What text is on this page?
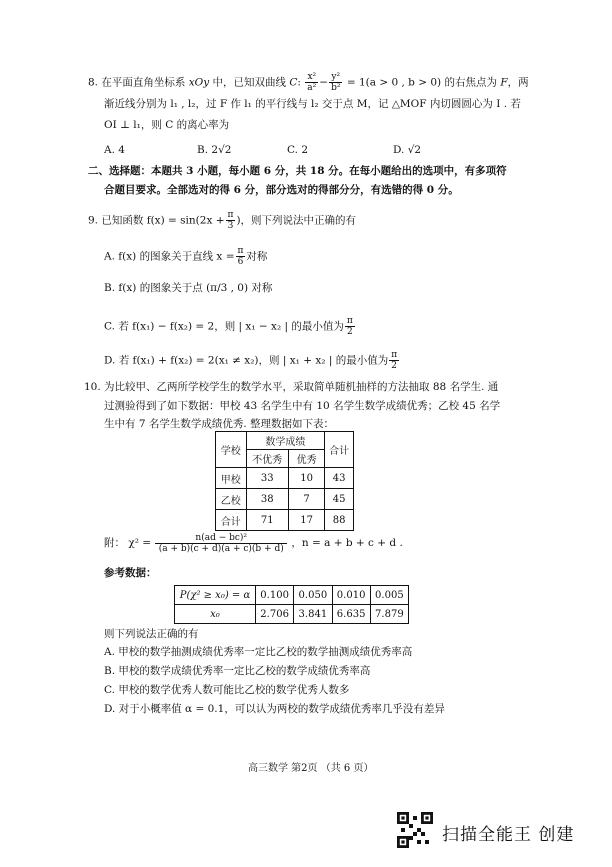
8. 在平面直角坐标系 xOy 中，已知双曲线 C: $\frac{\text{x²}}{\text{a²}} - \frac{\text{y²}}{\text{b²}} = 1(a > 0$ , b > 0) 的右焦点为 F，两
渐近线分别为 l₁ , l₂，过 F 作 l₁ 的平行线与 l₂ 交于点 M，记 △MOF 内切圆圆心为 I . 若
OI ⊥ l₁，则 C 的离心率为
A. 4	B. 2√2	C. 2	D. √2
二、选择题：本题共 3 小题，每小题 6 分，共 18 分。在每小题给出的选项中，有多项符
合题目要求。全部选对的得 6 分，部分选对的得部分分，有选错的得 0 分。
9. 已知函数 $f(x) = \sin(2x + \frac{\pi}{3}$ )，则下列说法中正确的有
A. f(x) 的图象关于直线 $x = \frac{\pi}{6}$ 对称
B. f(x) 的图象关于点 (π/3 , 0) 对称
C. 若 f(x₁) − f(x₂) = 2，则 | x₁ − x₂ | 的最小值为 $\frac{\pi}{2}$
D. 若 f(x₁) + f(x₂) = 2(x₁ ≠ x₂)，则 | x₁ + x₂ | 的最小值为 $\frac{\pi}{2}$
10. 为比较甲、乙两所学校学生的数学水平，采取简单随机抽样的方法抽取 88 名学生. 通
过测验得到了如下数据：甲校 43 名学生中有 10 名学生数学成绩优秀；乙校 45 名学
生中有 7 名学生数学成绩优秀. 整理数据如下表：
学校	数学成绩		合计
	不优秀	优秀	
甲校	33	10	43
乙校	38	7	45
合计	71	17	88
附： $\chi^2 = \frac{\text{n(ad − bc)²}}{(a + b)(c + d)(a + c)(b + d)}$ ，n = a + b + c + d .
参考数据：
P(χ² ≥ x₀) = α	0.100	0.050	0.010	0.005
x₀	2.706	3.841	6.635	7.879
则下列说法正确的有
A. 甲校的数学抽测成绩优秀率一定比乙校的数学抽测成绩优秀率高
B. 甲校的数学成绩优秀率一定比乙校的数学成绩优秀率高
C. 甲校的数学优秀人数可能比乙校的数学优秀人数多
D. 对于小概率值 α = 0.1，可以认为两校的数学成绩优秀率几乎没有差异
高三数学 第2页 （共 6 页）
扫描全能王 创建
